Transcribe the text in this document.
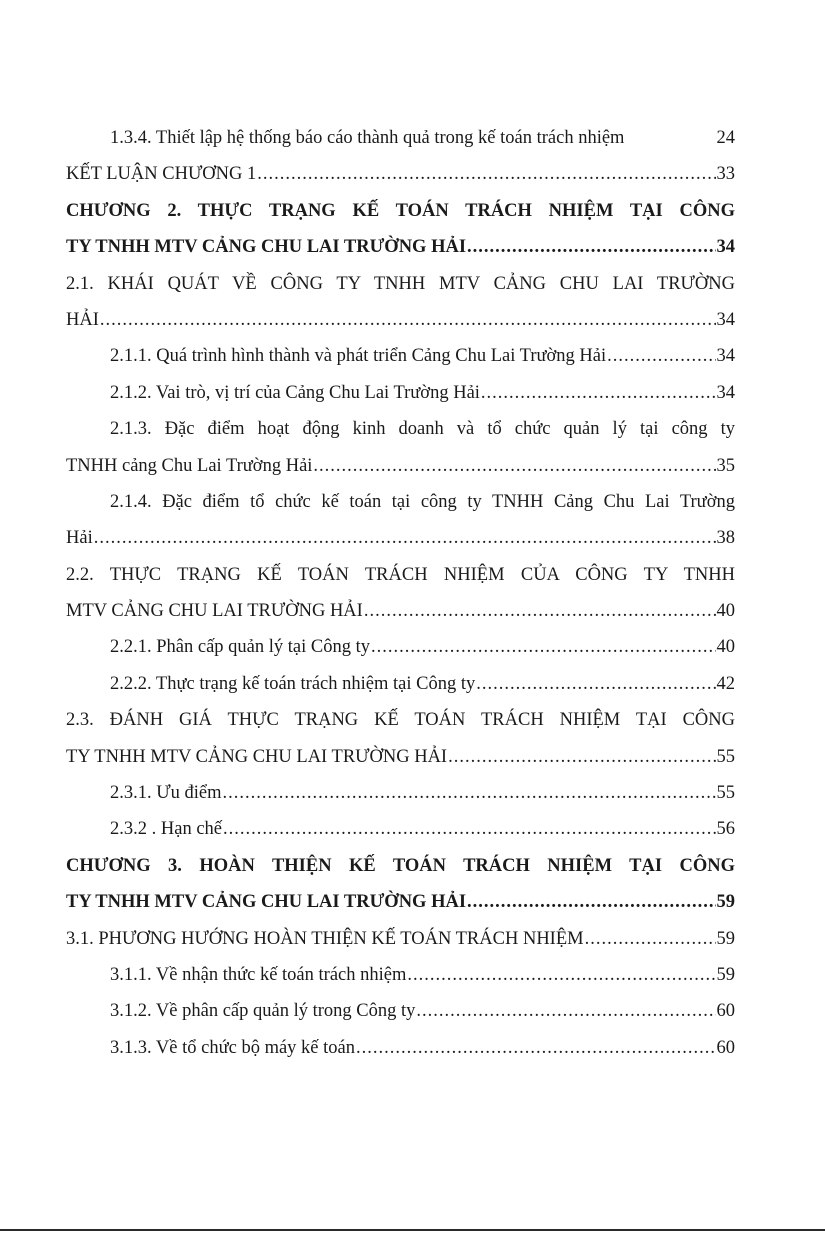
1.3.4. Thiết lập hệ thống báo cáo thành quả trong kế toán trách nhiệm	24
KẾT LUẬN CHƯƠNG 1 .....	33
CHƯƠNG 2. THỰC TRẠNG KẾ TOÁN TRÁCH NHIỆM TẠI CÔNG
TY TNHH MTV CẢNG CHU LAI TRƯỜNG HẢI .....	34
2.1. KHÁI QUÁT VỀ CÔNG TY TNHH MTV CẢNG CHU LAI TRƯỜNG
HẢI .....	34
2.1.1. Quá trình hình thành và phát triển Cảng Chu Lai Trường Hải .....	34
2.1.2. Vai trò, vị trí của Cảng Chu Lai Trường Hải .....	34
2.1.3. Đặc điểm hoạt động kinh doanh và tổ chức quản lý tại công ty
TNHH cảng Chu Lai Trường Hải .....	35
2.1.4. Đặc điểm tổ chức kế toán tại công ty TNHH Cảng Chu Lai Trường
Hải .....	38
2.2. THỰC TRẠNG KẾ TOÁN TRÁCH NHIỆM CỦA CÔNG TY TNHH
MTV CẢNG CHU LAI TRƯỜNG HẢI .....	40
2.2.1. Phân cấp quản lý tại Công ty .....	40
2.2.2. Thực trạng kế toán trách nhiệm tại Công ty .....	42
2.3. ĐÁNH GIÁ THỰC TRẠNG KẾ TOÁN TRÁCH NHIỆM TẠI CÔNG
TY TNHH MTV CẢNG CHU LAI TRƯỜNG HẢI .....	55
2.3.1. Ưu điểm .....	55
2.3.2 . Hạn chế .....	56
CHƯƠNG 3. HOÀN THIỆN KẾ TOÁN TRÁCH NHIỆM TẠI CÔNG
TY TNHH MTV CẢNG CHU LAI TRƯỜNG HẢI .....	59
3.1. PHƯƠNG HƯỚNG HOÀN THIỆN KẾ TOÁN TRÁCH NHIỆM .....	59
3.1.1. Về nhận thức kế toán trách nhiệm .....	59
3.1.2. Về phân cấp quản lý trong Công ty .....	60
3.1.3. Về tổ chức bộ máy kế toán .....	60
